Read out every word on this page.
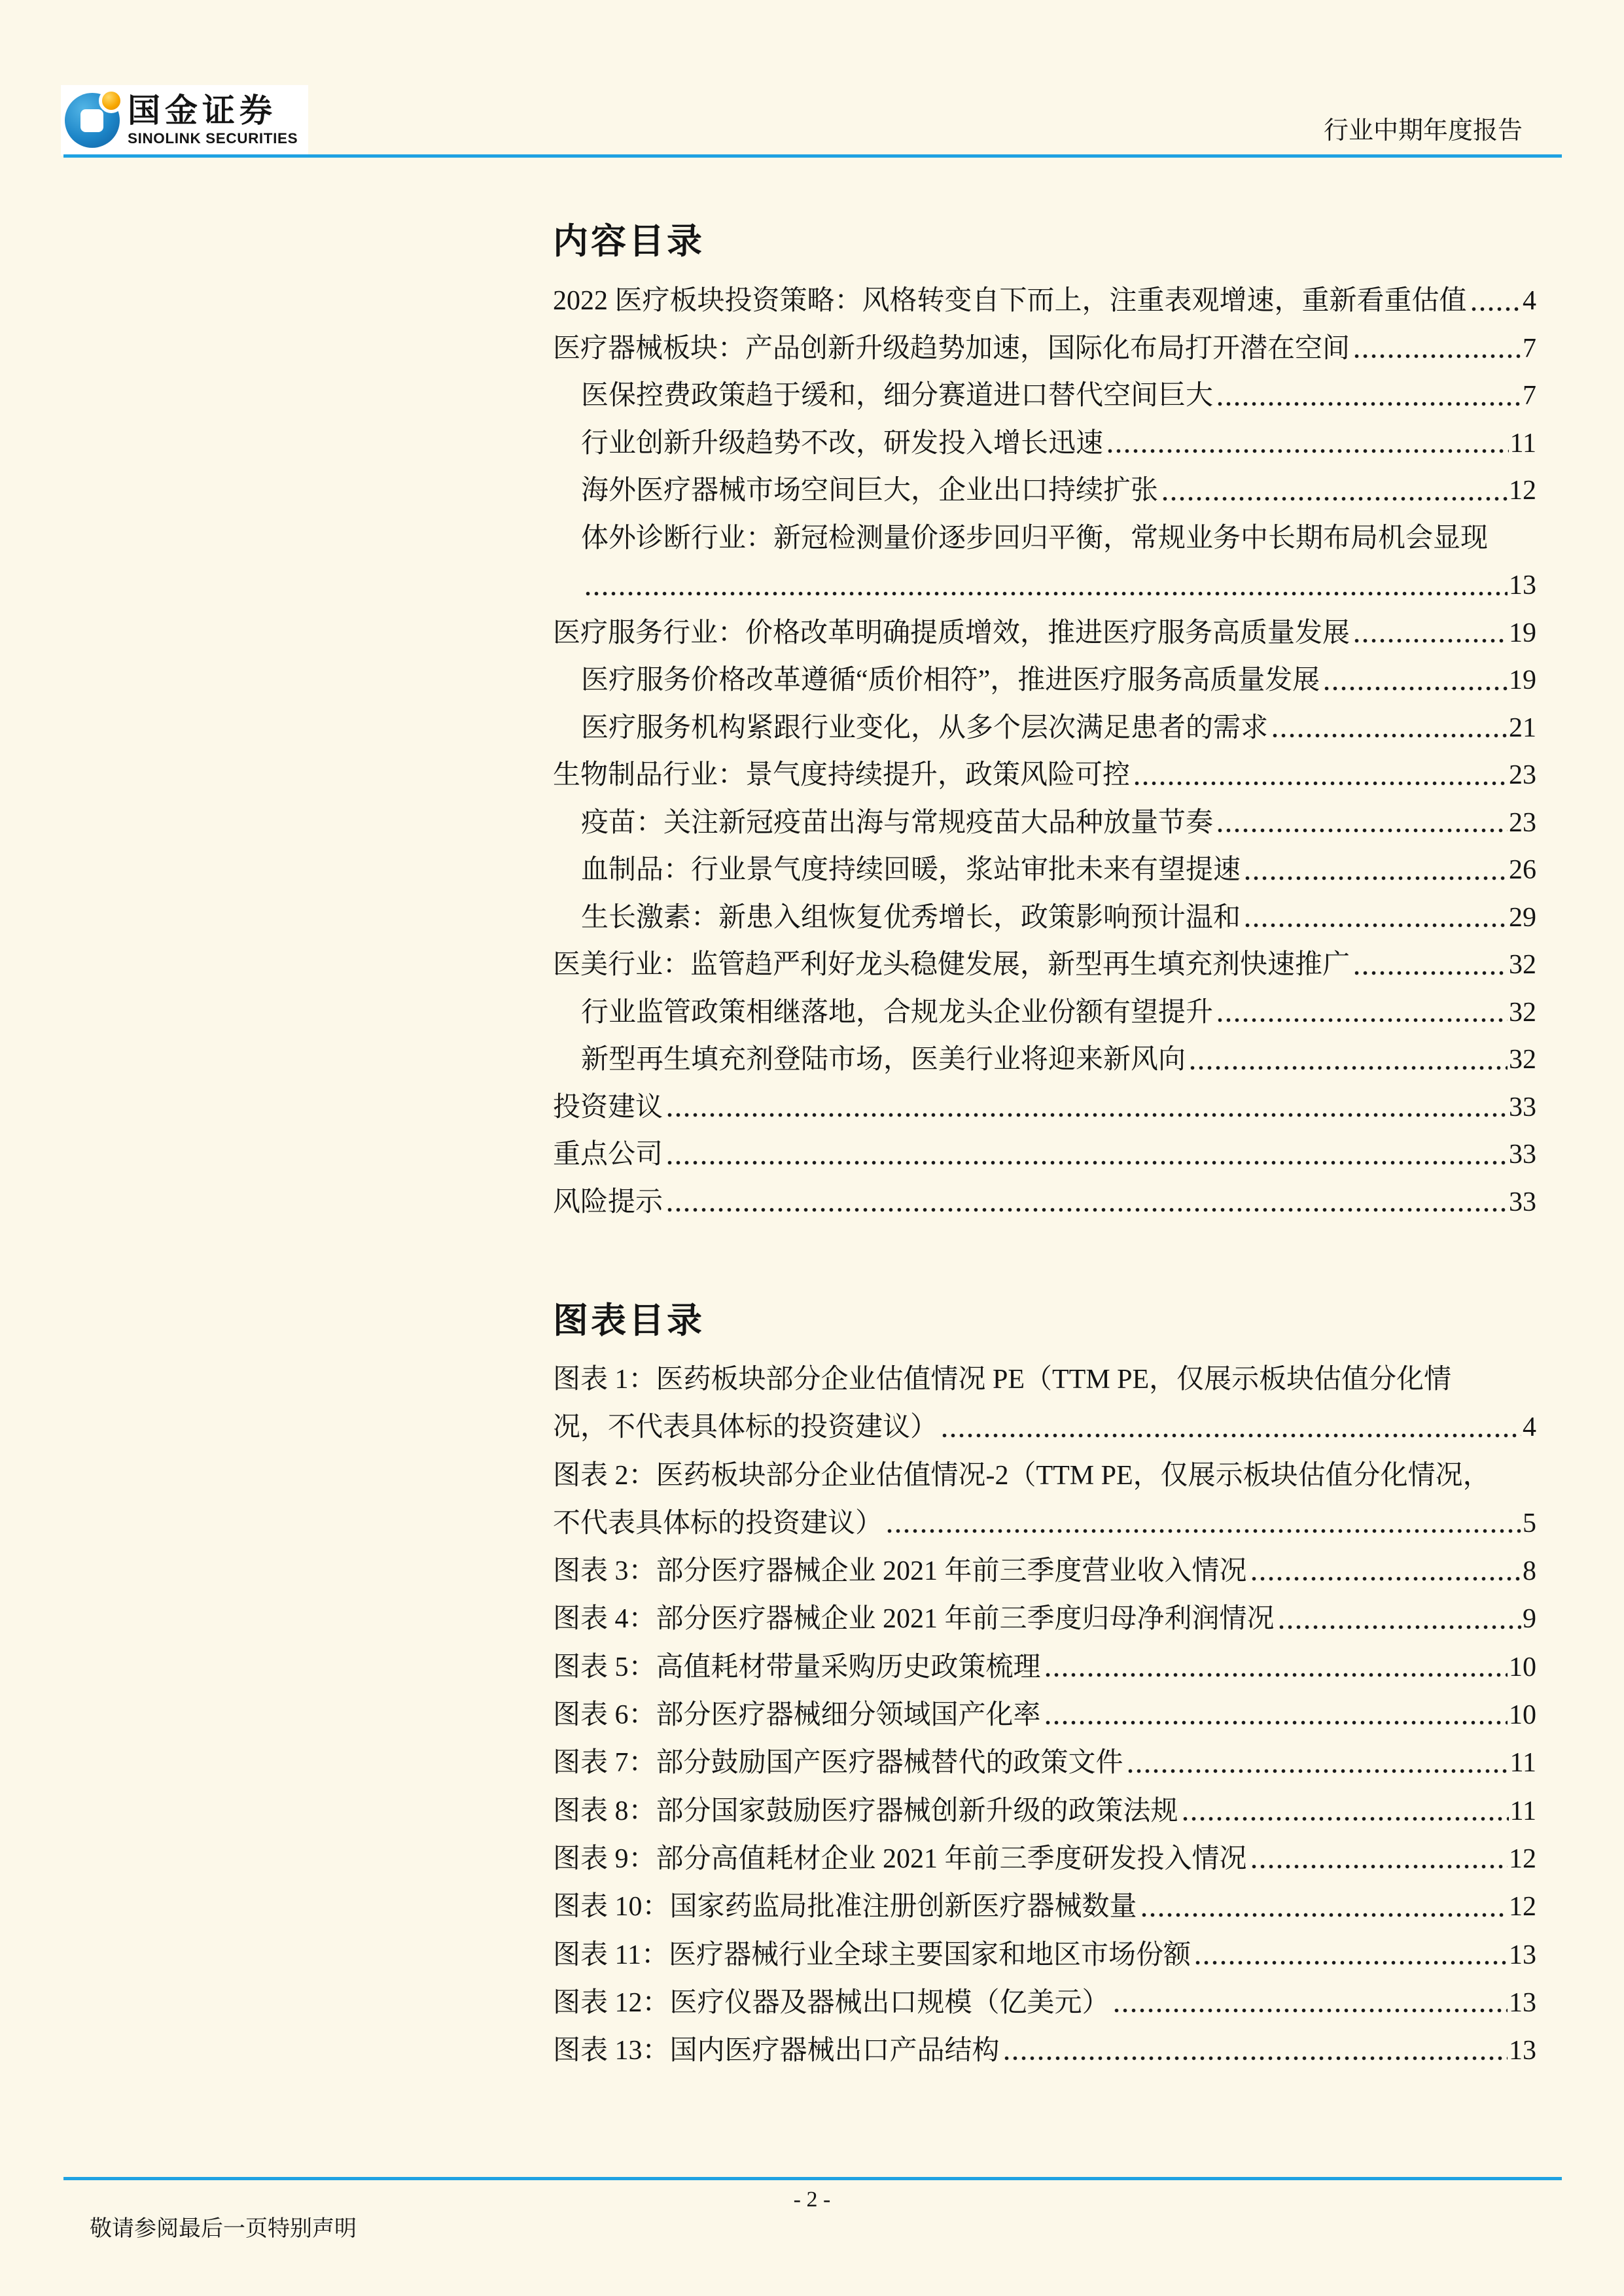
国金证券
SINOLINK SECURITIES	行业中期年度报告
内容目录
2022 医疗板块投资策略：风格转变自下而上，注重表观增速，重新看重估值 4
医疗器械板块：产品创新升级趋势加速，国际化布局打开潜在空间	7
医保控费政策趋于缓和，细分赛道进口替代空间巨大	7
行业创新升级趋势不改，研发投入增长迅速	11
海外医疗器械市场空间巨大，企业出口持续扩张	12
体外诊断行业：新冠检测量价逐步回归平衡，常规业务中长期布局机会显现
13
医疗服务行业：价格改革明确提质增效，推进医疗服务高质量发展	19
医疗服务价格改革遵循“质价相符”，推进医疗服务高质量发展	19
医疗服务机构紧跟行业变化，从多个层次满足患者的需求	21
生物制品行业：景气度持续提升，政策风险可控	23
疫苗：关注新冠疫苗出海与常规疫苗大品种放量节奏	23
血制品：行业景气度持续回暖，浆站审批未来有望提速	26
生长激素：新患入组恢复优秀增长，政策影响预计温和	29
医美行业：监管趋严利好龙头稳健发展，新型再生填充剂快速推广	32
行业监管政策相继落地，合规龙头企业份额有望提升	32
新型再生填充剂登陆市场，医美行业将迎来新风向	32
投资建议	33
重点公司	33
风险提示	33
图表目录
图表 1：医药板块部分企业估值情况 PE（TTM PE，仅展示板块估值分化情
况，不代表具体标的投资建议）	4
图表 2：医药板块部分企业估值情况-2（TTM PE，仅展示板块估值分化情况，
不代表具体标的投资建议）	5
图表 3：部分医疗器械企业 2021 年前三季度营业收入情况	8
图表 4：部分医疗器械企业 2021 年前三季度归母净利润情况	9
图表 5：高值耗材带量采购历史政策梳理	10
图表 6：部分医疗器械细分领域国产化率	10
图表 7：部分鼓励国产医疗器械替代的政策文件	11
图表 8：部分国家鼓励医疗器械创新升级的政策法规	11
图表 9：部分高值耗材企业 2021 年前三季度研发投入情况	12
图表 10：国家药监局批准注册创新医疗器械数量	12
图表 11：医疗器械行业全球主要国家和地区市场份额	13
图表 12：医疗仪器及器械出口规模（亿美元）	13
图表 13：国内医疗器械出口产品结构	13
- 2 -
敬请参阅最后一页特别声明
